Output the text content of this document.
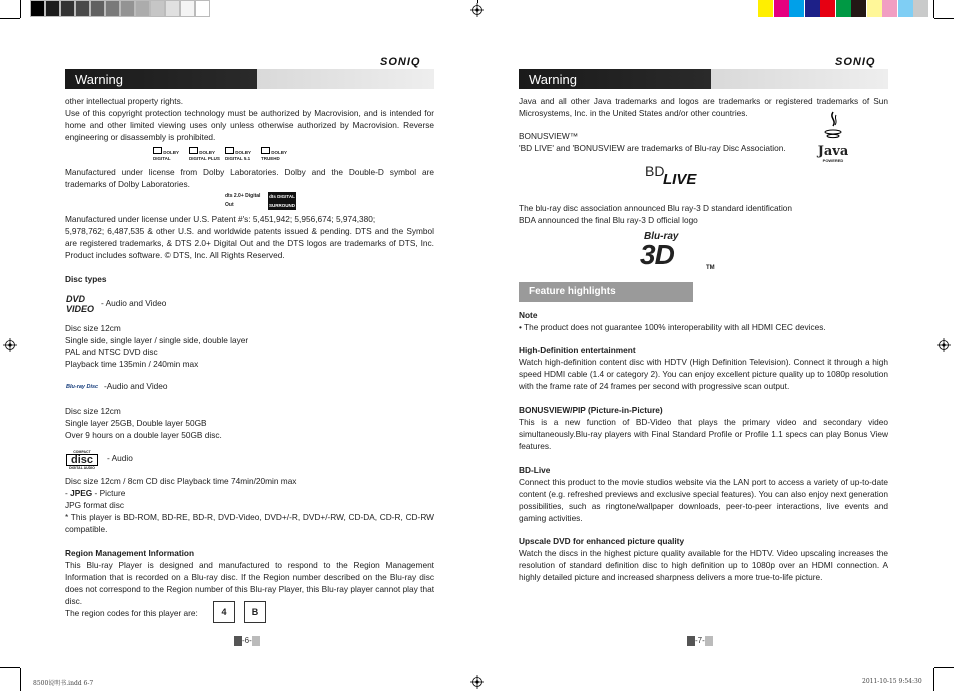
SONIQ
Warning

other intellectual property rights.

Use of this copyright protection technology must be authorized by Macrovision, and is intended for home and other limited viewing uses only unless otherwise authorized by Macrovision. Reverse engineering or disassembly is prohibited.

DOLBY DIGITAL
DOLBY DIGITAL PLUS
DOLBY DIGITAL 5.1
DOLBY TRUEHD
Manufactured under license from Dolby Laboratories. Dolby and the Double-D symbol are trademarks of Dolby Laboratories.
dts 2.0+ Digital Out
dts DIGITAL SURROUND

Manufactured under license under U.S. Patent #'s: 5,451,942; 5,956,674; 5,974,380;

5,978,762; 6,487,535 & other U.S. and worldwide patents issued & pending. DTS and the Symbol are registered trademarks, & DTS 2.0+ Digital Out and the DTS logos are trademarks of DTS, Inc. Product includes software. © DTS, Inc. All Rights Reserved.

Disc types
DVD VIDEO
- Audio and Video

Disc size 12cm

Single side, single layer / single side, double layer

PAL and NTSC DVD disc

Playback time 135min / 240min max

Blu-ray Disc -Audio and Video

Disc size 12cm

Single layer 25GB, Double layer 50GB

Over 9 hours on a double layer 50GB disc.

COMPACT
disc
DIGITAL AUDIO
- Audio

Disc size 12cm / 8cm CD disc Playback time 74min/20min max

- JPEG - Picture

JPG format disc

* This player is BD-ROM, BD-RE, BD-R, DVD-Video, DVD+/-R, DVD+/-RW, CD-DA, CD-R, CD-RW compatible.

Region Management Information

This Blu-ray Player is designed and manufactured to respond to the Region Management Information that is recorded on a Blu-ray disc. If the Region number described on the Blu-ray disc does not correspond to the Region number of this Blu-ray Player, this Blu-ray player cannot play that disc.

The region codes for this player are:	4	B
-6-
SONIQ
Warning
Java and all other Java trademarks and logos are trademarks or registered trademarks of Sun Microsystems, Inc. in the United States and/or other countries.

BONUSVIEW™

'BD LIVE' and 'BONUSVIEW are trademarks of Blu-ray Disc Association.	Java
POWERED
BD
LIVE

The blu-ray disc association announced Blu ray-3 D standard identification

BDA announced the final Blu ray-3 D official logo

Blu-ray
3D	TM
Feature highlights
Note
• The product does not guarantee 100% interoperability with all HDMI CEC devices.
High-Definition entertainment
Watch high-definition content disc with HDTV (High Definition Television). Connect it through a high speed HDMI cable (1.4 or category 2). You can enjoy excellent picture quality up to 1080p resolution with the frame rate of 24 frames per second with progressive scan output.
BONUSVIEW/PIP (Picture-in-Picture)
This is a new function of BD-Video that plays the primary video and secondary video simultaneously.Blu-ray players with Final Standard Profile or Profile 1.1 specs can play Bonus View features.
BD-Live
Connect this product to the movie studios website via the LAN port to access a variety of up-to-date content (e.g. refreshed previews and exclusive special features). You can also enjoy next generation possibilities, such as ringtone/wallpaper downloads, peer-to-peer interactions, live events and gaming activities.
Upscale DVD for enhanced picture quality
Watch the discs in the highest picture quality available for the HDTV. Video upscaling increases the resolution of standard definition disc to high definition up to 1080p over an HDMI connection. A highly detailed picture and increased sharpness delivers a more true-to-life picture.
-7-
8500说明书.indd 6-7	2011-10-15 9:54:30
